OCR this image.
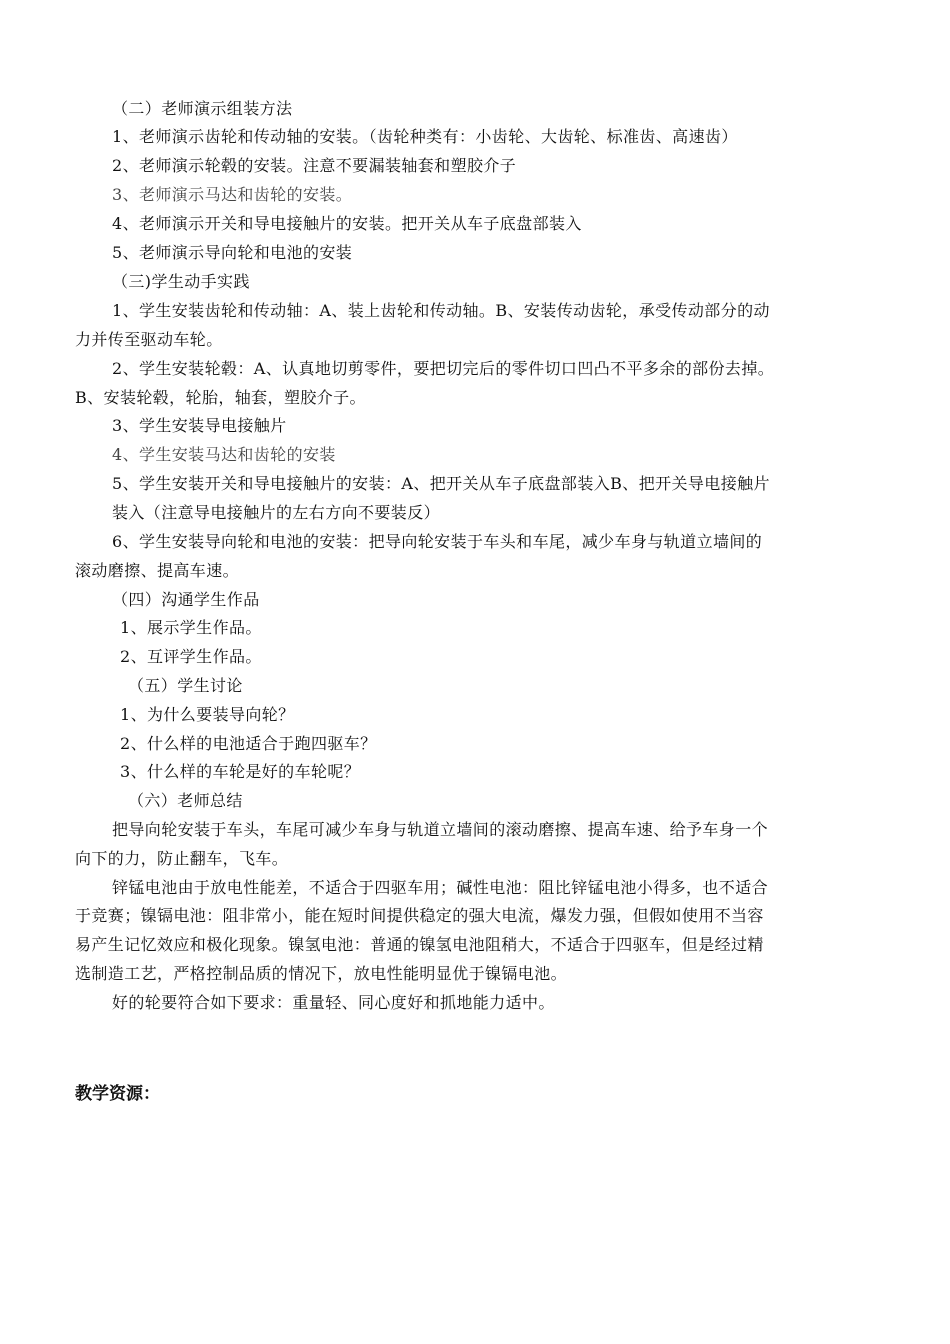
（二）老师演示组装方法
1、老师演示齿轮和传动轴的安装。（齿轮种类有：小齿轮、大齿轮、标准齿、高速齿）
2、老师演示轮毂的安装。注意不要漏装轴套和塑胶介子
3、老师演示马达和齿轮的安装。
4、老师演示开关和导电接触片的安装。把开关从车子底盘部装入
5、老师演示导向轮和电池的安装
（三)学生动手实践
1、学生安装齿轮和传动轴：A、装上齿轮和传动轴。B、安装传动齿轮，承受传动部分的动
力并传至驱动车轮。
2、学生安装轮毂：A、认真地切剪零件，要把切完后的零件切口凹凸不平多余的部份去掉。
B、安装轮毂，轮胎，轴套，塑胶介子。
3、学生安装导电接触片
4、学生安装马达和齿轮的安装
5、学生安装开关和导电接触片的安装：A、把开关从车子底盘部装入B、把开关导电接触片
装入（注意导电接触片的左右方向不要装反）
6、学生安装导向轮和电池的安装：把导向轮安装于车头和车尾，减少车身与轨道立墙间的
滚动磨擦、提高车速。
（四）沟通学生作品
1、展示学生作品。
2、互评学生作品。
（五）学生讨论
1、为什么要装导向轮？
2、什么样的电池适合于跑四驱车？
3、什么样的车轮是好的车轮呢？
（六）老师总结
把导向轮安装于车头，车尾可减少车身与轨道立墙间的滚动磨擦、提高车速、给予车身一个
向下的力，防止翻车，飞车。
锌锰电池由于放电性能差，不适合于四驱车用；碱性电池：阻比锌锰电池小得多，也不适合
于竞赛；镍镉电池：阻非常小，能在短时间提供稳定的强大电流，爆发力强，但假如使用不当容
易产生记忆效应和极化现象。镍氢电池：普通的镍氢电池阻稍大，不适合于四驱车，但是经过精
选制造工艺，严格控制品质的情况下，放电性能明显优于镍镉电池。
好的轮要符合如下要求：重量轻、同心度好和抓地能力适中。
教学资源：
